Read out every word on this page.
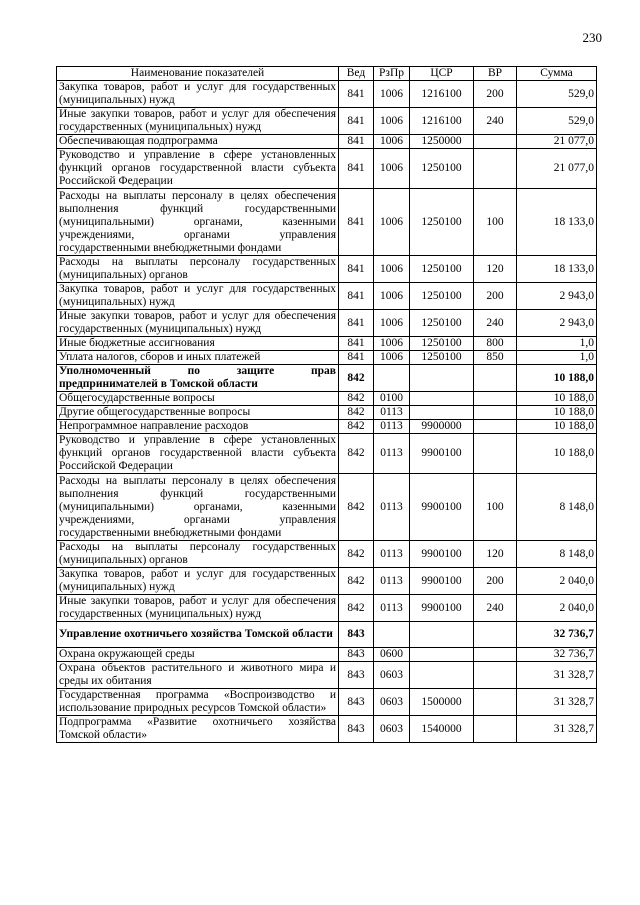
230
Наименование показателей	Вед	РзПр	ЦСР	ВР	Сумма
Закупка товаров, работ и услуг для государственных (муниципальных) нужд	841	1006	1216100	200	529,0
Иные закупки товаров, работ и услуг для обеспечения государственных (муниципальных) нужд	841	1006	1216100	240	529,0
Обеспечивающая подпрограмма	841	1006	1250000		21 077,0
Руководство и управление в сфере установленных функций органов государственной власти субъекта Российской Федерации	841	1006	1250100		21 077,0
Расходы на выплаты персоналу в целях обеспечения выполнения функций государственными (муниципальными) органами, казенными учреждениями, органами управления государственными внебюджетными фондами	841	1006	1250100	100	18 133,0
Расходы на выплаты персоналу государственных (муниципальных) органов	841	1006	1250100	120	18 133,0
Закупка товаров, работ и услуг для государственных (муниципальных) нужд	841	1006	1250100	200	2 943,0
Иные закупки товаров, работ и услуг для обеспечения государственных (муниципальных) нужд	841	1006	1250100	240	2 943,0
Иные бюджетные ассигнования	841	1006	1250100	800	1,0
Уплата налогов, сборов и иных платежей	841	1006	1250100	850	1,0
Уполномоченный по защите прав предпринимателей в Томской области	842				10 188,0
Общегосударственные вопросы	842	0100			10 188,0
Другие общегосударственные вопросы	842	0113			10 188,0
Непрограммное направление расходов	842	0113	9900000		10 188,0
Руководство и управление в сфере установленных функций органов государственной власти субъекта Российской Федерации	842	0113	9900100		10 188,0
Расходы на выплаты персоналу в целях обеспечения выполнения функций государственными (муниципальными) органами, казенными учреждениями, органами управления государственными внебюджетными фондами	842	0113	9900100	100	8 148,0
Расходы на выплаты персоналу государственных (муниципальных) органов	842	0113	9900100	120	8 148,0
Закупка товаров, работ и услуг для государственных (муниципальных) нужд	842	0113	9900100	200	2 040,0
Иные закупки товаров, работ и услуг для обеспечения государственных (муниципальных) нужд	842	0113	9900100	240	2 040,0
Управление охотничьего хозяйства Томской области	843				32 736,7
Охрана окружающей среды	843	0600			32 736,7
Охрана объектов растительного и животного мира и среды их обитания	843	0603			31 328,7
Государственная программа «Воспроизводство и использование природных ресурсов Томской области»	843	0603	1500000		31 328,7
Подпрограмма «Развитие охотничьего хозяйства Томской области»	843	0603	1540000		31 328,7
